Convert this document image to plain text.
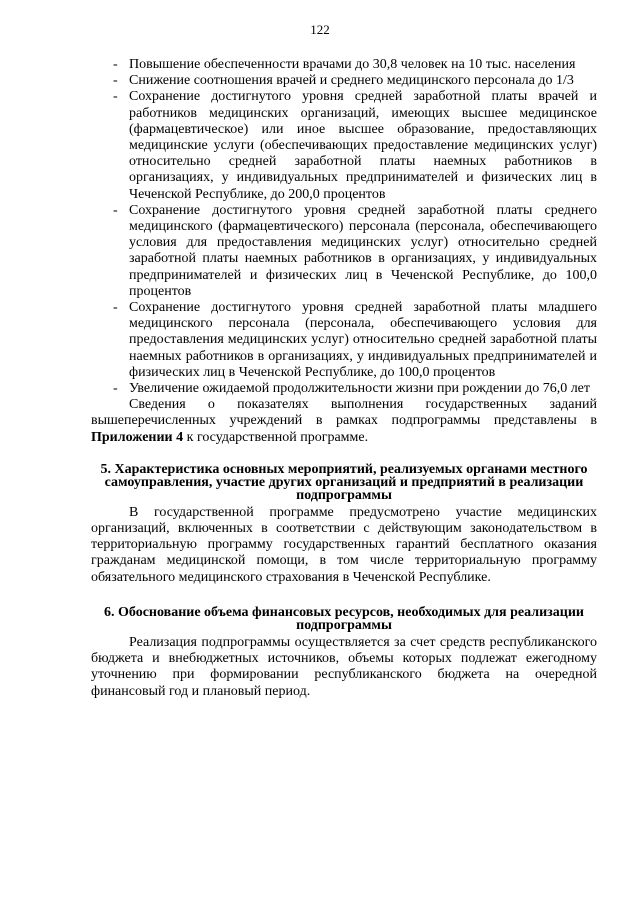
122
- Повышение обеспеченности врачами до 30,8 человек на 10 тыс. населения
- Снижение соотношения врачей и среднего медицинского персонала до 1/3
- Сохранение достигнутого уровня средней заработной платы врачей и работников медицинских организаций, имеющих высшее медицинское (фармацевтическое) или иное высшее образование, предоставляющих медицинские услуги (обеспечивающих предоставление медицинских услуг) относительно средней заработной платы наемных работников в организациях, у индивидуальных предпринимателей и физических лиц в Чеченской Республике, до 200,0 процентов
- Сохранение достигнутого уровня средней заработной платы среднего медицинского (фармацевтического) персонала (персонала, обеспечивающего условия для предоставления медицинских услуг) относительно средней заработной платы наемных работников в организациях, у индивидуальных предпринимателей и физических лиц в Чеченской Республике, до 100,0 процентов
- Сохранение достигнутого уровня средней заработной платы младшего медицинского персонала (персонала, обеспечивающего условия для предоставления медицинских услуг) относительно средней заработной платы наемных работников в организациях, у индивидуальных предпринимателей и физических лиц в Чеченской Республике, до 100,0 процентов
- Увеличение ожидаемой продолжительности жизни при рождении до 76,0 лет

Сведения о показателях выполнения государственных заданий вышеперечисленных учреждений в рамках подпрограммы представлены в Приложении 4 к государственной программе.

5. Характеристика основных мероприятий, реализуемых органами местного самоуправления, участие других организаций и предприятий в реализации подпрограммы

В государственной программе предусмотрено участие медицинских организаций, включенных в соответствии с действующим законодательством в территориальную программу государственных гарантий бесплатного оказания гражданам медицинской помощи, в том числе территориальную программу обязательного медицинского страхования в Чеченской Республике.

6. Обоснование объема финансовых ресурсов, необходимых для реализации подпрограммы

Реализация подпрограммы осуществляется за счет средств республиканского бюджета и внебюджетных источников, объемы которых подлежат ежегодному уточнению при формировании республиканского бюджета на очередной финансовый год и плановый период.
